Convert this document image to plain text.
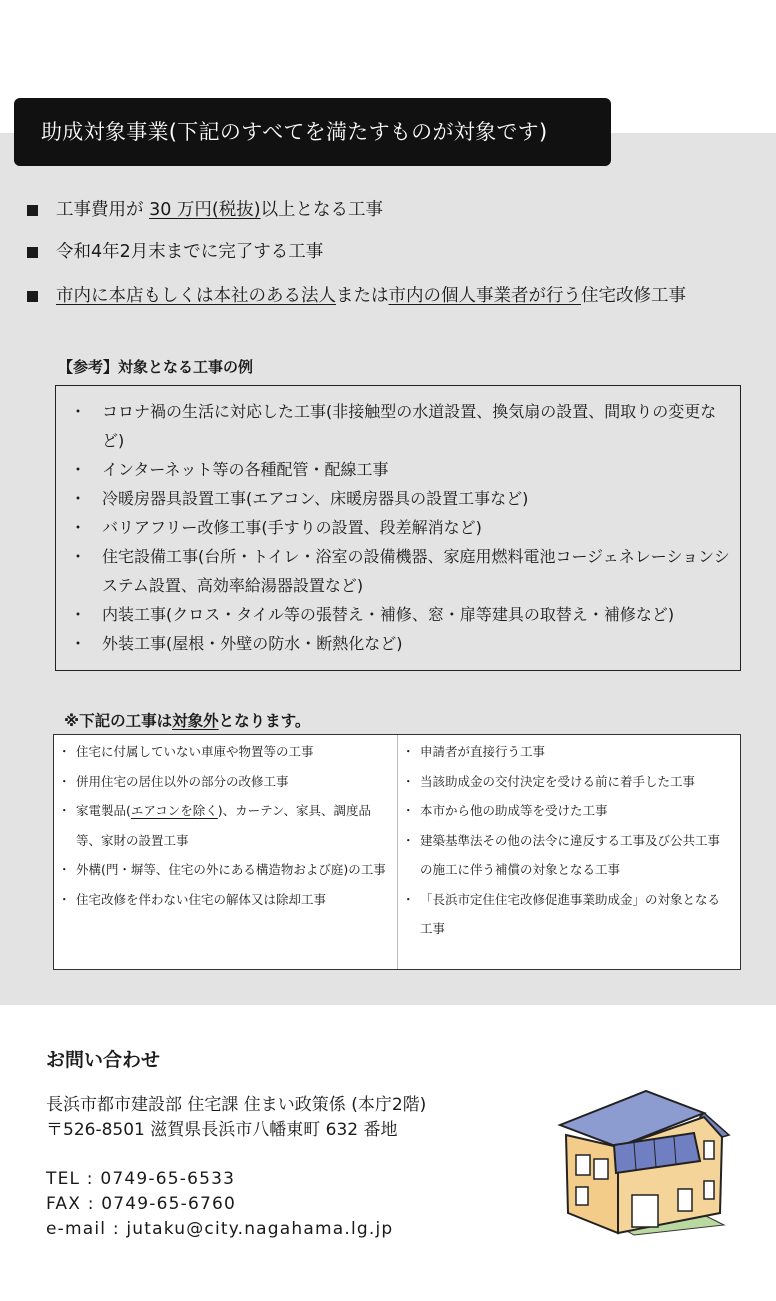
助成対象事業(下記のすべてを満たすものが対象です)
工事費用が 30 万円(税抜)以上となる工事
令和4年2月末までに完了する工事
市内に本店もしくは本社のある法人または市内の個人事業者が行う住宅改修工事
【参考】対象となる工事の例
・ コロナ禍の生活に対応した工事(非接触型の水道設置、換気扇の設置、間取りの変更など)
・ インターネット等の各種配管・配線工事
・ 冷暖房器具設置工事(エアコン、床暖房器具の設置工事など)
・ バリアフリー改修工事(手すりの設置、段差解消など)
・ 住宅設備工事(台所・トイレ・浴室の設備機器、家庭用燃料電池コージェネレーションシステム設置、高効率給湯器設置など)
・ 内装工事(クロス・タイル等の張替え・補修、窓・扉等建具の取替え・補修など)
・ 外装工事(屋根・外壁の防水・断熱化など)
※下記の工事は対象外となります。
・ 住宅に付属していない車庫や物置等の工事
・ 併用住宅の居住以外の部分の改修工事
・ 家電製品(エアコンを除く)、カーテン、家具、調度品等、家財の設置工事
・ 外構(門・塀等、住宅の外にある構造物および庭)の工事
・ 住宅改修を伴わない住宅の解体又は除却工事
・ 申請者が直接行う工事
・ 当該助成金の交付決定を受ける前に着手した工事
・ 本市から他の助成等を受けた工事
・ 建築基準法その他の法令に違反する工事及び公共工事の施工に伴う補償の対象となる工事
・ 「長浜市定住住宅改修促進事業助成金」の対象となる工事
お問い合わせ
長浜市都市建設部 住宅課 住まい政策係 (本庁2階)
〒526-8501 滋賀県長浜市八幡東町 632 番地
TEL : 0749-65-6533
FAX : 0749-65-6760
e-mail : jutaku@city.nagahama.lg.jp
